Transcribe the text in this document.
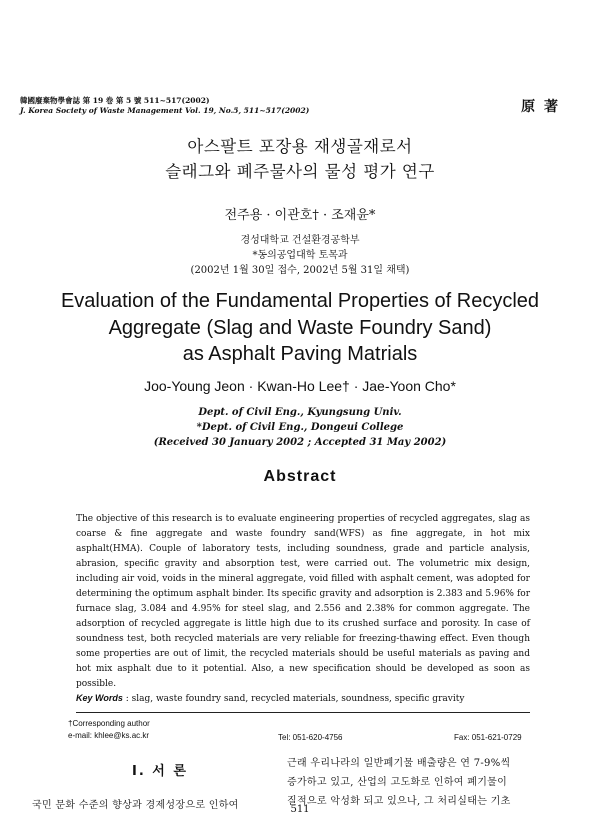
韓國廢棄物學會誌 第 19 卷 第 5 號 511~517(2002)
J. Korea Society of Waste Management Vol. 19, No.5, 511~517(2002)	原 著
아스팔트 포장용 재생골재로서
슬래그와 폐주물사의 물성 평가 연구
전주용 · 이관호† · 조재윤*
경성대학교 건설환경공학부
*동의공업대학 토목과
(2002년 1월 30일 접수, 2002년 5월 31일 채택)
Evaluation of the Fundamental Properties of Recycled
Aggregate (Slag and Waste Foundry Sand)
as Asphalt Paving Matrials
Joo-Young Jeon · Kwan-Ho Lee† · Jae-Yoon Cho*
Dept. of Civil Eng., Kyungsung Univ.
*Dept. of Civil Eng., Dongeui College
(Received 30 January 2002 ; Accepted 31 May 2002)
Abstract
The objective of this research is to evaluate engineering properties of recycled aggregates, slag as coarse & fine aggregate and waste foundry sand(WFS) as fine aggregate, in hot mix asphalt(HMA). Couple of laboratory tests, including soundness, grade and particle analysis, abrasion, specific gravity and absorption test, were carried out. The volumetric mix design, including air void, voids in the mineral aggregate, void filled with asphalt cement, was adopted for determining the optimum asphalt binder. Its specific gravity and adsorption is 2.383 and 5.96% for furnace slag, 3.084 and 4.95% for steel slag, and 2.556 and 2.38% for common aggregate. The adsorption of recycled aggregate is little high due to its crushed surface and porosity. In case of soundness test, both recycled materials are very reliable for freezing-thawing effect. Even though some properties are out of limit, the recycled materials should be useful materials as paving and hot mix asphalt due to it potential. Also, a new specification should be developed as soon as possible.
Key Words : slag, waste foundry sand, recycled materials, soundness, specific gravity
†Corresponding author
e-mail: khlee@ks.ac.kr	Tel: 051-620-4756	Fax: 051-621-0729
Ⅰ. 서 론
근래 우리나라의 일반폐기물 배출량은 연 7-9%씩
증가하고 있고, 산업의 고도화로 인하여 폐기물이
질적으로 악성화 되고 있으나, 그 처리실태는 기초
국민 문화 수준의 향상과 경제성장으로 인하여	511
